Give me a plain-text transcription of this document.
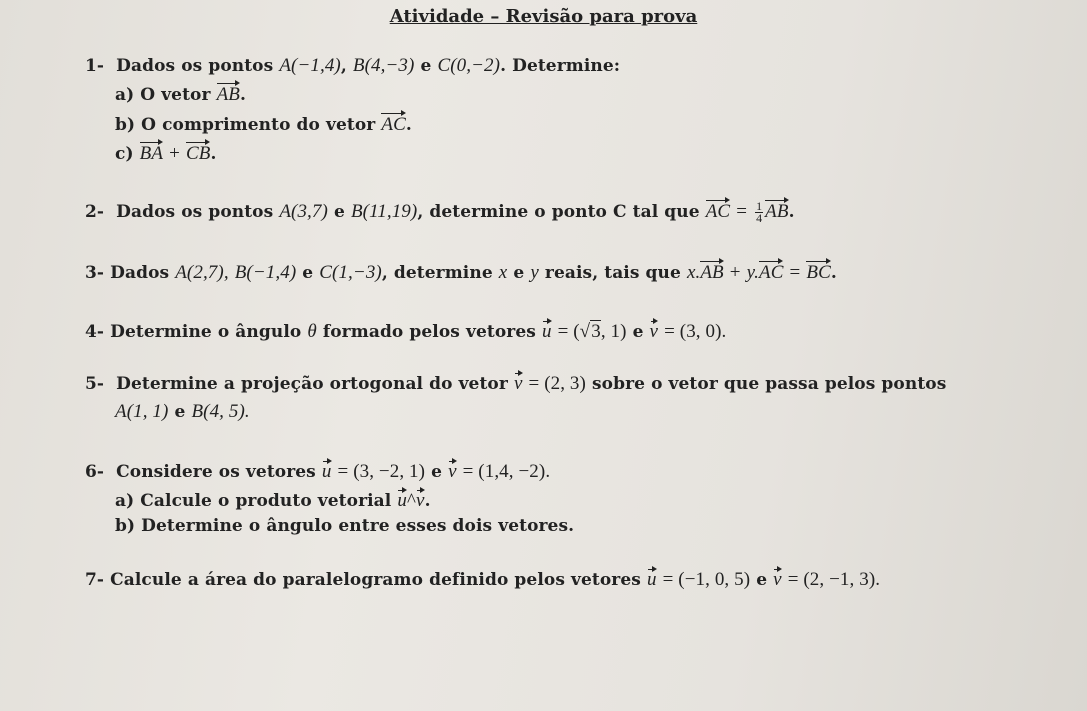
Atividade – Revisão para prova
1- Dados os pontos A(−1,4), B(4,−3) e C(0,−2). Determine:
a) O vetor AB.
b) O comprimento do vetor AC.
c) BA + CB.
2- Dados os pontos A(3,7) e B(11,19), determine o ponto C tal que AC = $\frac{1}{4}$ AB.
3- Dados A(2,7), B(−1,4) e C(1,−3), determine x e y reais, tais que x.AB + y.AC = BC.
4- Determine o ângulo θ formado pelos vetores u = (√3, 1) e v = (3, 0).
5- Determine a projeção ortogonal do vetor v = (2, 3) sobre o vetor que passa pelos pontos
A(1, 1) e B(4, 5).
6- Considere os vetores u = (3, −2, 1) e v = (1,4, −2).
a) Calcule o produto vetorial u^v.
b) Determine o ângulo entre esses dois vetores.
7- Calcule a área do paralelogramo definido pelos vetores u = (−1, 0, 5) e v = (2, −1, 3).
